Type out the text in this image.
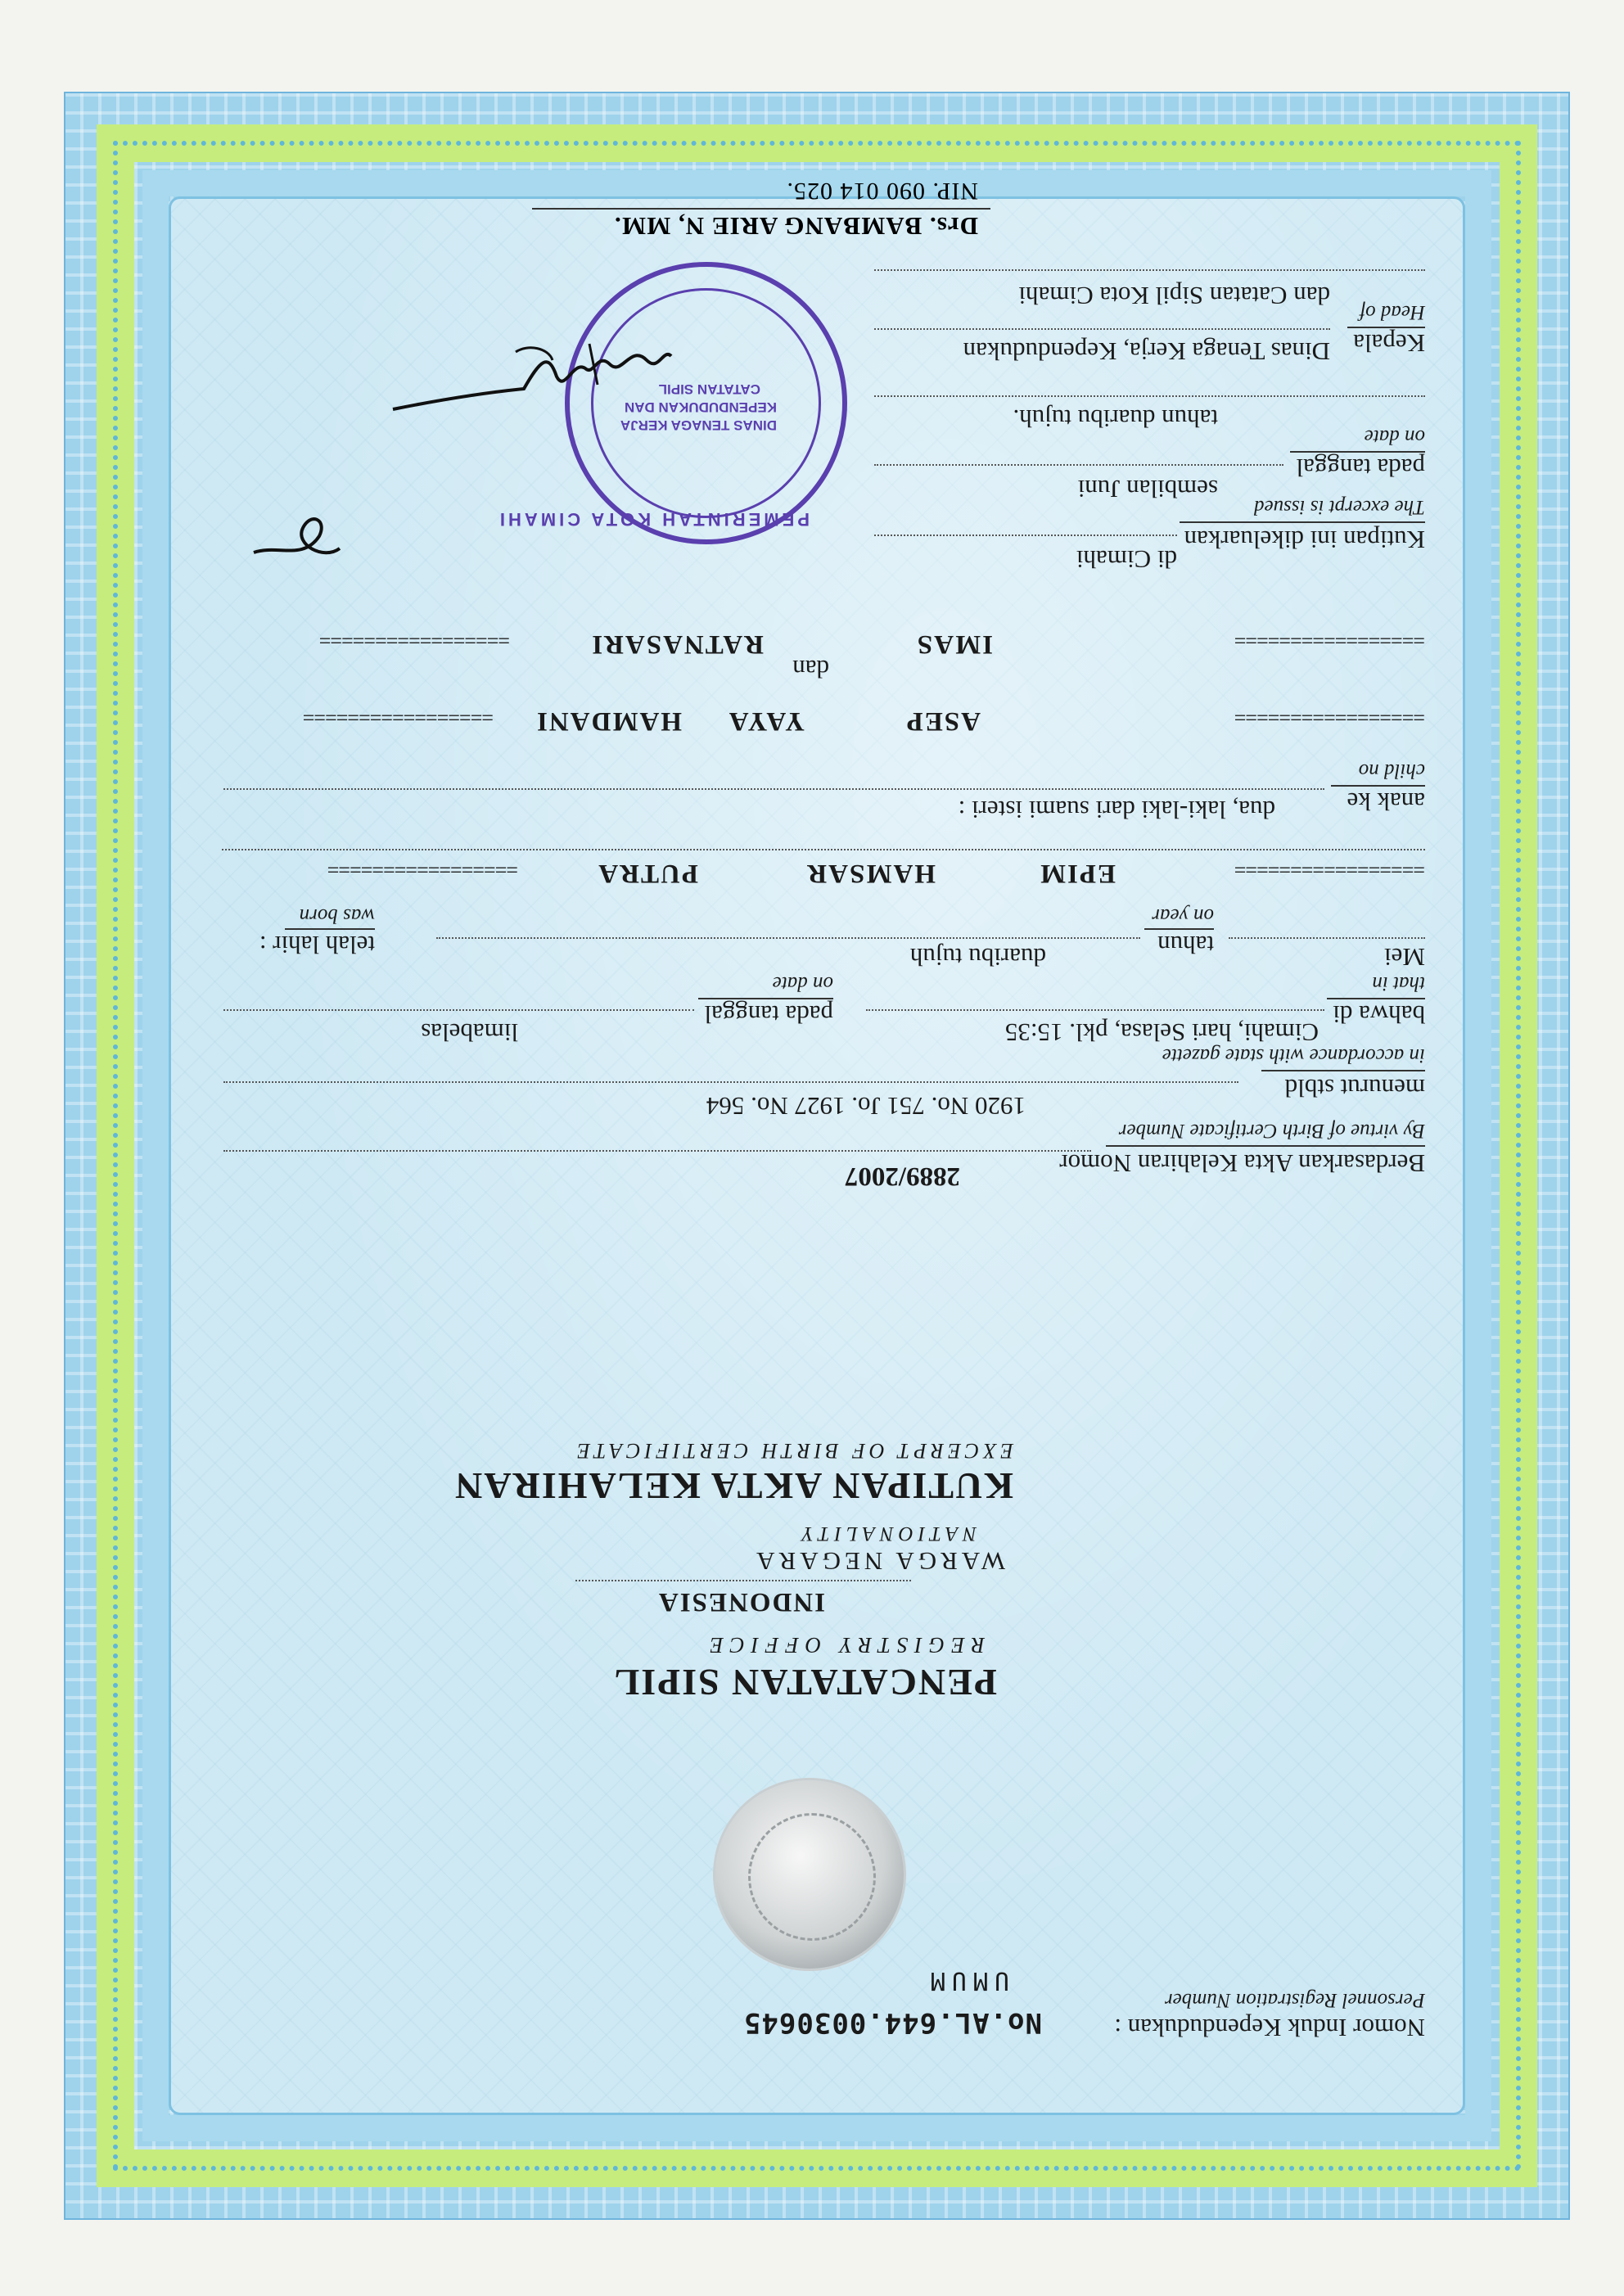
Nomor Induk Kependudukan :
Personnel Registration Number
No.AL.644.0030645
UMUM
PENCATATAN SIPIL
REGISTRY OFFICE
INDONESIA
WARGA NEGARA
NATIONALITY
KUTIPAN AKTA KELAHIRAN
EXCERPT OF BIRTH CERTIFICATE
Berdasarkan Akta Kelahiran Nomor
By virtue of Birth Certificate Number
2889/2007
menurut stbld
in accordance with state gazette
1920 No. 751 Jo. 1927 No. 564
bahwa di
that in
Cimahi, hari Selasa, pkl. 15:35
pada tanggal
on date
limabelas
Mei
tahun
on year
duaribu tujuh
telah lahir :
was born
=================
EPIM
HAMSAR
PUTRA
=================
anak ke
child no
dua, laki-laki dari suami isteri :
=================
ASEP
YAYA
HAMDANI
=================
dan
=================
IMAS
RATNASARI
=================
Kutipan ini dikeluarkan
The excerpt is issued
di Cimahi
pada tanggal
on date
sembilan Juni
tahun duaribu tujuh.
Kepala
Head of
Dinas Tenaga Kerja, Kependudukan
dan Catatan Sipil Kota Cimahi
Drs. BAMBANG ARIE N, MM.
NIP. 090 014 025.
PEMERINTAH KOTA CIMAHI
DINAS TENAGA KERJA
KEPENDUDUKAN DAN
CATATAN SIPIL
